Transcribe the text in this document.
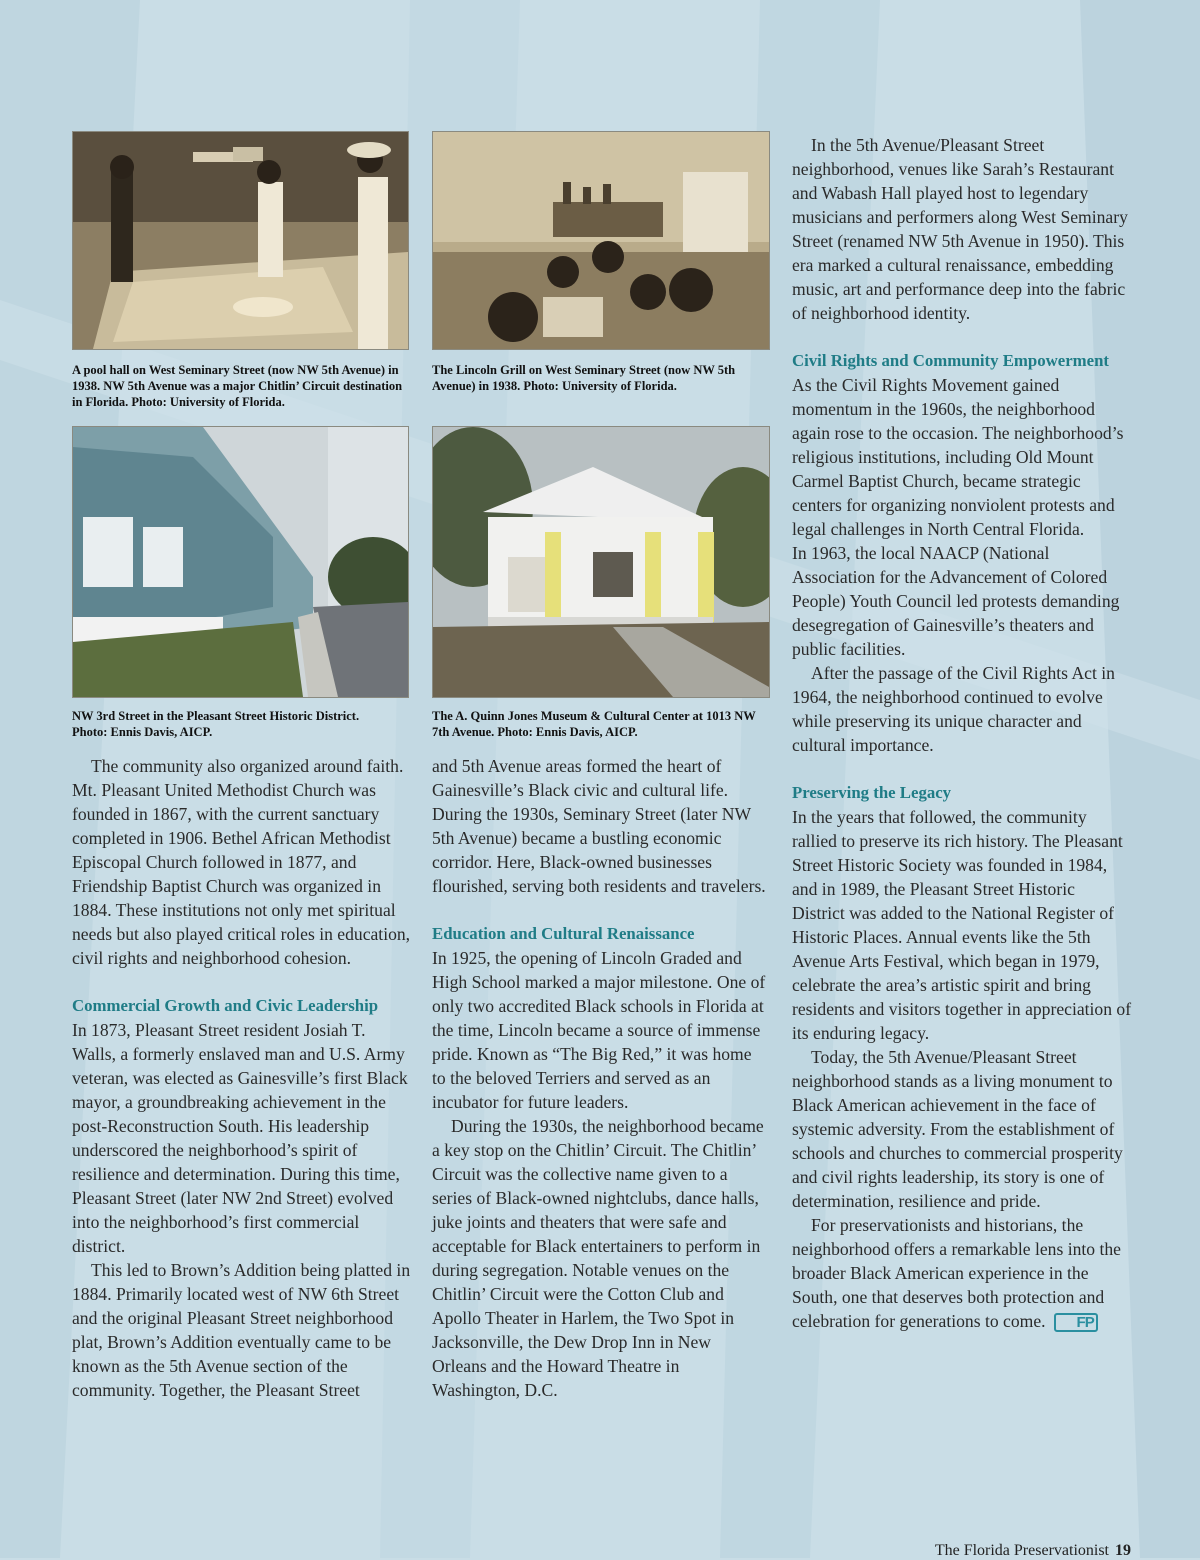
A pool hall on West Seminary Street (now NW 5th Avenue) in 1938. NW 5th Avenue was a major Chitlin’ Circuit destination in Florida. Photo: University of Florida.
The Lincoln Grill on West Seminary Street (now NW 5th Avenue) in 1938. Photo: University of Florida.
NW 3rd Street in the Pleasant Street Historic District. Photo: Ennis Davis, AICP.
The A. Quinn Jones Museum & Cultural Center at 1013 NW 7th Avenue. Photo: Ennis Davis, AICP.

The community also organized around faith. Mt. Pleasant United Methodist Church was founded in 1867, with the current sanctuary completed in 1906. Bethel African Methodist Episcopal Church followed in 1877, and Friendship Baptist Church was organized in 1884. These institutions not only met spiritual needs but also played critical roles in education, civil rights and neighborhood cohesion.

Commercial Growth and Civic Leadership

In 1873, Pleasant Street resident Josiah T. Walls, a formerly enslaved man and U.S. Army veteran, was elected as Gainesville’s first Black mayor, a groundbreaking achievement in the post-Reconstruction South. His leadership underscored the neighborhood’s spirit of resilience and determination. During this time, Pleasant Street (later NW 2nd Street) evolved into the neighborhood’s first commercial district.

This led to Brown’s Addition being platted in 1884. Primarily located west of NW 6th Street and the original Pleasant Street neighborhood plat, Brown’s Addition eventually came to be known as the 5th Avenue section of the community. Together, the Pleasant Street

and 5th Avenue areas formed the heart of Gainesville’s Black civic and cultural life. During the 1930s, Seminary Street (later NW 5th Avenue) became a bustling economic corridor. Here, Black-owned businesses flourished, serving both residents and travelers.

Education and Cultural Renaissance

In 1925, the opening of Lincoln Graded and High School marked a major milestone. One of only two accredited Black schools in Florida at the time, Lincoln became a source of immense pride. Known as “The Big Red,” it was home to the beloved Terriers and served as an incubator for future leaders.

During the 1930s, the neighborhood became a key stop on the Chitlin’ Circuit. The Chitlin’ Circuit was the collective name given to a series of Black-owned nightclubs, dance halls, juke joints and theaters that were safe and acceptable for Black entertainers to perform in during segregation. Notable venues on the Chitlin’ Circuit were the Cotton Club and Apollo Theater in Harlem, the Two Spot in Jacksonville, the Dew Drop Inn in New Orleans and the Howard Theatre in Washington, D.C.

In the 5th Avenue/Pleasant Street neighborhood, venues like Sarah’s Restaurant and Wabash Hall played host to legendary musicians and performers along West Seminary Street (renamed NW 5th Avenue in 1950). This era marked a cultural renaissance, embedding music, art and performance deep into the fabric of neighborhood identity.

Civil Rights and Community Empowerment

As the Civil Rights Movement gained momentum in the 1960s, the neighborhood again rose to the occasion. The neighborhood’s religious institutions, including Old Mount Carmel Baptist Church, became strategic centers for organizing nonviolent protests and legal challenges in North Central Florida.

In 1963, the local NAACP (National Association for the Advancement of Colored People) Youth Council led protests demanding desegregation of Gainesville’s theaters and public facilities.

After the passage of the Civil Rights Act in 1964, the neighborhood continued to evolve while preserving its unique character and cultural importance.

Preserving the Legacy

In the years that followed, the community rallied to preserve its rich history. The Pleasant Street Historic Society was founded in 1984, and in 1989, the Pleasant Street Historic District was added to the National Register of Historic Places. Annual events like the 5th Avenue Arts Festival, which began in 1979, celebrate the area’s artistic spirit and bring residents and visitors together in appreciation of its enduring legacy.

Today, the 5th Avenue/Pleasant Street neighborhood stands as a living monument to Black American achievement in the face of systemic adversity. From the establishment of schools and churches to commercial prosperity and civil rights leadership, its story is one of determination, resilience and pride.

For preservationists and historians, the neighborhood offers a remarkable lens into the broader Black American experience in the South, one that deserves both protection and celebration for generations to come. FP

The Florida Preservationist 19
